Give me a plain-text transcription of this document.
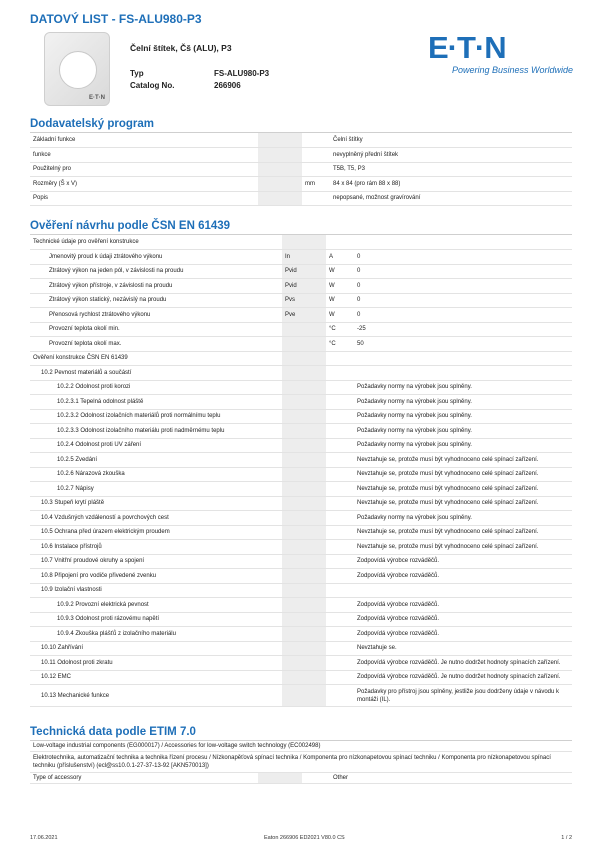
DATOVÝ LIST - FS-ALU980-P3
E·T·N
Čelní štítek, Čš (ALU), P3
Typ	FS-ALU980-P3
Catalog No.	266906
E·T·N
Powering Business Worldwide
Dodavatelský program
Základní funkce			Čelní štítky
funkce			nevyplněný přední štítek
Použitelný pro			T5B, T5, P3
Rozměry (Š x V)		mm	84 x 84 (pro rám 88 x 88)
Popis			nepopsané, možnost gravírování
Ověření návrhu podle ČSN EN 61439
Technické údaje pro ověření konstrukce			
Jmenovitý proud k údaji ztrátového výkonu	In	A	0
Ztrátový výkon na jeden pól, v závislosti na proudu	Pvid	W	0
Ztrátový výkon přístroje, v závislosti na proudu	Pvid	W	0
Ztrátový výkon statický, nezávislý na proudu	Pvs	W	0
Přenosová rychlost ztrátového výkonu	Pve	W	0
Provozní teplota okolí min.		°C	-25
Provozní teplota okolí max.		°C	50
Ověření konstrukce ČSN EN 61439			
10.2 Pevnost materiálů a součástí			
10.2.2 Odolnost proti korozi			Požadavky normy na výrobek jsou splněny.
10.2.3.1 Tepelná odolnost pláště			Požadavky normy na výrobek jsou splněny.
10.2.3.2 Odolnost izolačních materiálů proti normálnímu teplu			Požadavky normy na výrobek jsou splněny.
10.2.3.3 Odolnost izolačního materiálu proti nadměrnému teplu			Požadavky normy na výrobek jsou splněny.
10.2.4 Odolnost proti UV záření			Požadavky normy na výrobek jsou splněny.
10.2.5 Zvedání			Nevztahuje se, protože musí být vyhodnoceno celé spínací zařízení.
10.2.6 Nárazová zkouška			Nevztahuje se, protože musí být vyhodnoceno celé spínací zařízení.
10.2.7 Nápisy			Nevztahuje se, protože musí být vyhodnoceno celé spínací zařízení.
10.3 Stupeň krytí pláště			Nevztahuje se, protože musí být vyhodnoceno celé spínací zařízení.
10.4 Vzdušných vzdáleností a povrchových cest			Požadavky normy na výrobek jsou splněny.
10.5 Ochrana před úrazem elektrickým proudem			Nevztahuje se, protože musí být vyhodnoceno celé spínací zařízení.
10.6 Instalace přístrojů			Nevztahuje se, protože musí být vyhodnoceno celé spínací zařízení.
10.7 Vnitřní proudové okruhy a spojení			Zodpovídá výrobce rozváděčů.
10.8 Připojení pro vodiče přivedené zvenku			Zodpovídá výrobce rozváděčů.
10.9 Izolační vlastnosti			
10.9.2 Provozní elektrická pevnost			Zodpovídá výrobce rozváděčů.
10.9.3 Odolnost proti rázovému napětí			Zodpovídá výrobce rozváděčů.
10.9.4 Zkouška plášťů z izolačního materiálu			Zodpovídá výrobce rozváděčů.
10.10 Zahřívání			Nevztahuje se.
10.11 Odolnost proti zkratu			Zodpovídá výrobce rozváděčů. Je nutno dodržet hodnoty spínacích zařízení.
10.12 EMC			Zodpovídá výrobce rozváděčů. Je nutno dodržet hodnoty spínacích zařízení.
10.13 Mechanické funkce			Požadavky pro přístroj jsou splněny, jestliže jsou dodrženy údaje v návodu k montáži (IL).
Technická data podle ETIM 7.0
Low-voltage industrial components (EG000017) / Accessories for low-voltage switch technology (EC002498)
Elektrotechnika, automatizační technika a technika řízení procesu / Nízkonapěťová spínací technika / Komponenta pro nízkonapetovou spínací techniku / Komponenta pro nízkonapetovou spínací techniku (příslušenství) (ecl@ss10.0.1-27-37-13-92 [AKN570013])
Type of accessory			Other
17.06.2021	Eaton 266906 ED2021 V80.0 CS	1 / 2
